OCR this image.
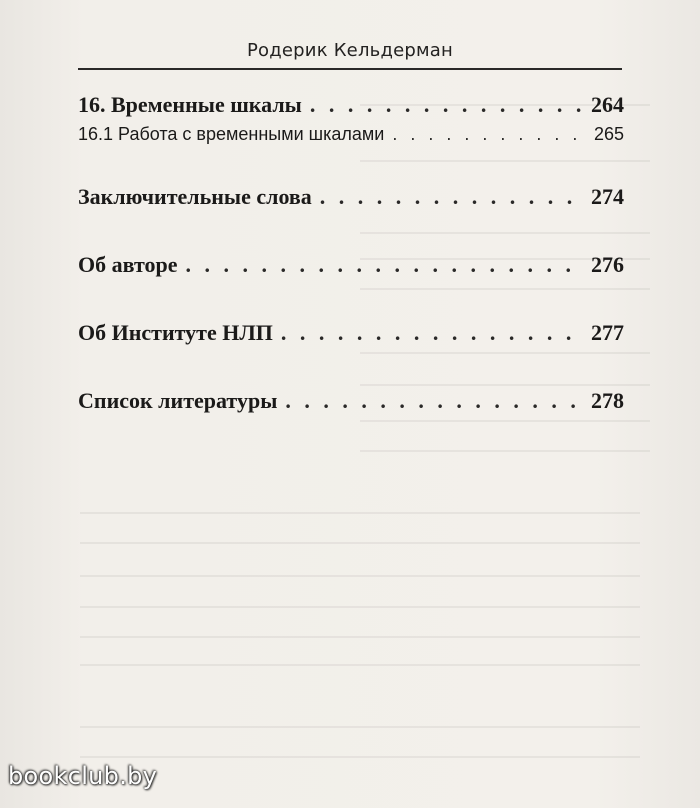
Родерик Кельдерман
16. Временные шкалы . . .	264
16.1 Работа с временными шкалами . . .	265
Заключительные слова . . .	274
Об авторе . . .	276
Об Институте НЛП . . .	277
Список литературы . . .	278
bookclub.by
